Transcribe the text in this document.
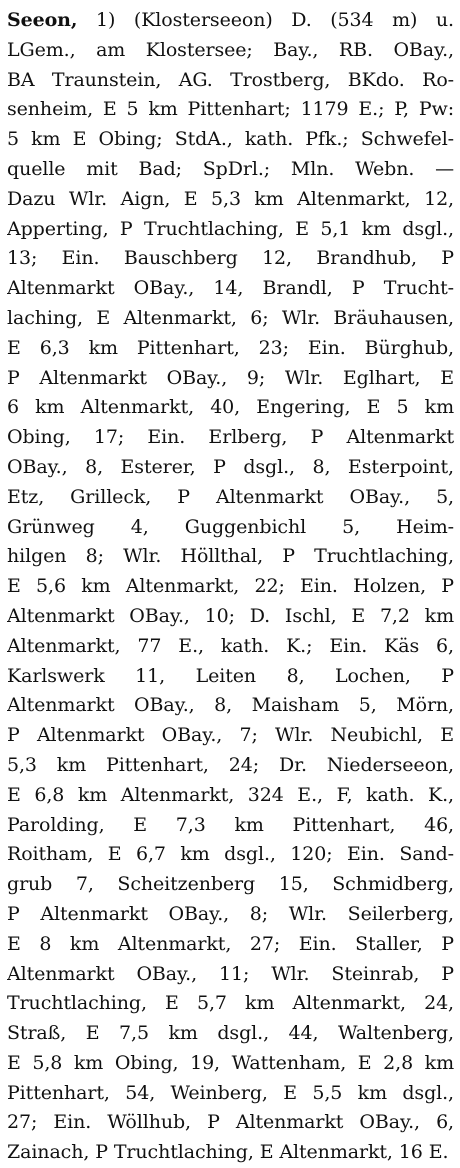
Seeon, 1) (Klosterseeon) D. (534 m) u.
LGem., am Klostersee; Bay., RB. OBay.,
BA Traunstein, AG. Trostberg, BKdo. Ro-
senheim, E 5 km Pittenhart; 1179 E.; P, Pw:
5 km E Obing; StdA., kath. Pfk.; Schwefel-
quelle mit Bad; SpDrl.; Mln. Webn. —
Dazu Wlr. Aign, E 5,3 km Altenmarkt, 12,
Apperting, P Truchtlaching, E 5,1 km dsgl.,
13; Ein. Bauschberg 12, Brandhub, P
Altenmarkt OBay., 14, Brandl, P Trucht-
laching, E Altenmarkt, 6; Wlr. Bräuhausen,
E 6,3 km Pittenhart, 23; Ein. Bürghub,
P Altenmarkt OBay., 9; Wlr. Eglhart, E
6 km Altenmarkt, 40, Engering, E 5 km
Obing, 17; Ein. Erlberg, P Altenmarkt
OBay., 8, Esterer, P dsgl., 8, Esterpoint,
Etz, Grilleck, P Altenmarkt OBay., 5,
Grünweg 4, Guggenbichl 5, Heim-
hilgen 8; Wlr. Höllthal, P Truchtlaching,
E 5,6 km Altenmarkt, 22; Ein. Holzen, P
Altenmarkt OBay., 10; D. Ischl, E 7,2 km
Altenmarkt, 77 E., kath. K.; Ein. Käs 6,
Karlswerk 11, Leiten 8, Lochen, P
Altenmarkt OBay., 8, Maisham 5, Mörn,
P Altenmarkt OBay., 7; Wlr. Neubichl, E
5,3 km Pittenhart, 24; Dr. Niederseeon,
E 6,8 km Altenmarkt, 324 E., F, kath. K.,
Parolding, E 7,3 km Pittenhart, 46,
Roitham, E 6,7 km dsgl., 120; Ein. Sand-
grub 7, Scheitzenberg 15, Schmidberg,
P Altenmarkt OBay., 8; Wlr. Seilerberg,
E 8 km Altenmarkt, 27; Ein. Staller, P
Altenmarkt OBay., 11; Wlr. Steinrab, P
Truchtlaching, E 5,7 km Altenmarkt, 24,
Straß, E 7,5 km dsgl., 44, Waltenberg,
E 5,8 km Obing, 19, Wattenham, E 2,8 km
Pittenhart, 54, Weinberg, E 5,5 km dsgl.,
27; Ein. Wöllhub, P Altenmarkt OBay., 6,
Zainach, P Truchtlaching, E Altenmarkt, 16 E.
